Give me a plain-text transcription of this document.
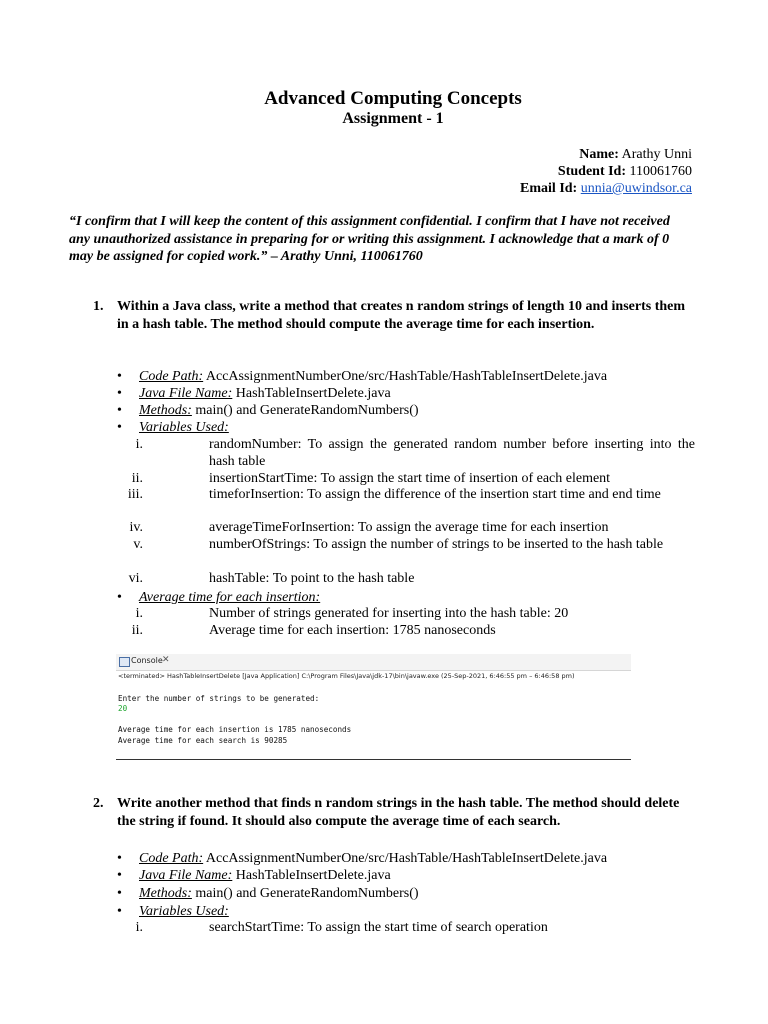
Advanced Computing Concepts
Assignment - 1
Name: Arathy Unni
Student Id: 110061760
Email Id: unnia@uwindsor.ca
“I confirm that I will keep the content of this assignment confidential. I confirm that I have not received any unauthorized assistance in preparing for or writing this assignment. I acknowledge that a mark of 0 may be assigned for copied work.” – Arathy Unni, 110061760
1. Within a Java class, write a method that creates n random strings of length 10 and inserts them in a hash table. The method should compute the average time for each insertion.
• Code Path: AccAssignmentNumberOne/src/HashTable/HashTableInsertDelete.java
• Java File Name: HashTableInsertDelete.java
• Methods: main() and GenerateRandomNumbers()
• Variables Used:
i.	randomNumber: To assign the generated random number before inserting into the hash table
ii.	insertionStartTime: To assign the start time of insertion of each element
iii.	timeforInsertion: To assign the difference of the insertion start time and end time
iv.	averageTimeForInsertion: To assign the average time for each insertion
v.	numberOfStrings: To assign the number of strings to be inserted to the hash table
vi.	hashTable: To point to the hash table
• Average time for each insertion:
i.	Number of strings generated for inserting into the hash table: 20
ii.	Average time for each insertion: 1785 nanoseconds
Console ✕
<terminated> HashTableInsertDelete [Java Application] C:\Program Files\Java\jdk-17\bin\javaw.exe (25-Sep-2021, 6:46:55 pm – 6:46:58 pm)
Enter the number of strings to be generated:
20
Average time for each insertion is 1785 nanoseconds
Average time for each search is 90285
2. Write another method that finds n random strings in the hash table. The method should delete the string if found. It should also compute the average time of each search.
• Code Path: AccAssignmentNumberOne/src/HashTable/HashTableInsertDelete.java
• Java File Name: HashTableInsertDelete.java
• Methods: main() and GenerateRandomNumbers()
• Variables Used:
i.	searchStartTime: To assign the start time of search operation
